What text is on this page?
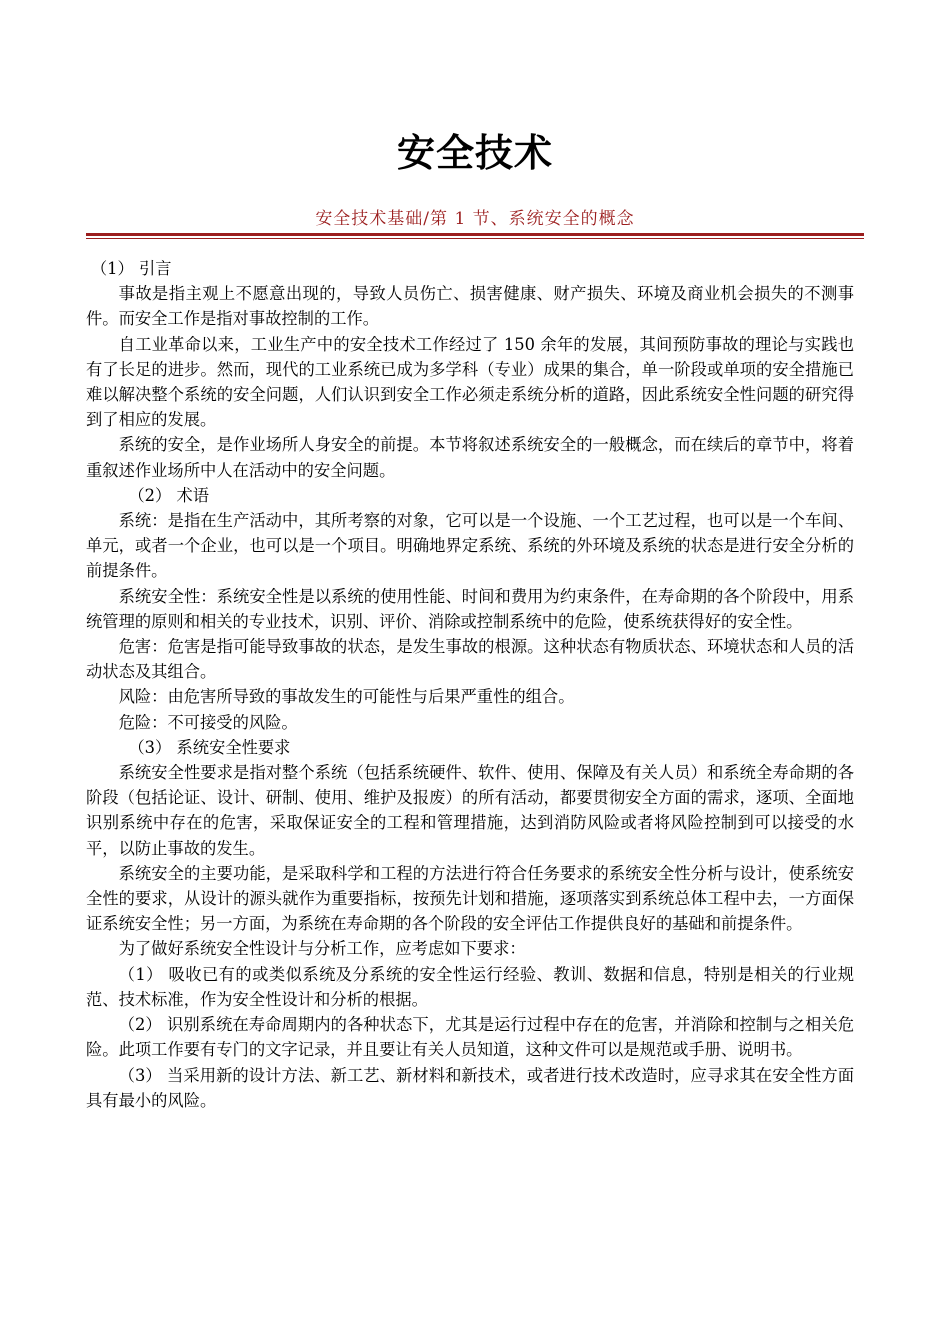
安全技术
安全技术基础/第 1 节、系统安全的概念

（1） 引言

事故是指主观上不愿意出现的，导致人员伤亡、损害健康、财产损失、环境及商业机会损失的不测事件。而安全工作是指对事故控制的工作。

自工业革命以来，工业生产中的安全技术工作经过了 150 余年的发展，其间预防事故的理论与实践也有了长足的进步。然而，现代的工业系统已成为多学科（专业）成果的集合，单一阶段或单项的安全措施已难以解决整个系统的安全问题，人们认识到安全工作必须走系统分析的道路，因此系统安全性问题的研究得到了相应的发展。

系统的安全，是作业场所人身安全的前提。本节将叙述系统安全的一般概念，而在续后的章节中，将着重叙述作业场所中人在活动中的安全问题。

（2） 术语

系统：是指在生产活动中，其所考察的对象，它可以是一个设施、一个工艺过程，也可以是一个车间、单元，或者一个企业，也可以是一个项目。明确地界定系统、系统的外环境及系统的状态是进行安全分析的前提条件。

系统安全性：系统安全性是以系统的使用性能、时间和费用为约束条件，在寿命期的各个阶段中，用系统管理的原则和相关的专业技术，识别、评价、消除或控制系统中的危险，使系统获得好的安全性。

危害：危害是指可能导致事故的状态，是发生事故的根源。这种状态有物质状态、环境状态和人员的活动状态及其组合。

风险：由危害所导致的事故发生的可能性与后果严重性的组合。

危险：不可接受的风险。

（3） 系统安全性要求

系统安全性要求是指对整个系统（包括系统硬件、软件、使用、保障及有关人员）和系统全寿命期的各阶段（包括论证、设计、研制、使用、维护及报废）的所有活动，都要贯彻安全方面的需求，逐项、全面地识别系统中存在的危害，采取保证安全的工程和管理措施，达到消防风险或者将风险控制到可以接受的水平，以防止事故的发生。

系统安全的主要功能，是采取科学和工程的方法进行符合任务要求的系统安全性分析与设计，使系统安全性的要求，从设计的源头就作为重要指标，按预先计划和措施，逐项落实到系统总体工程中去，一方面保证系统安全性；另一方面，为系统在寿命期的各个阶段的安全评估工作提供良好的基础和前提条件。

为了做好系统安全性设计与分析工作，应考虑如下要求：

（1） 吸收已有的或类似系统及分系统的安全性运行经验、教训、数据和信息，特别是相关的行业规范、技术标准，作为安全性设计和分析的根据。

（2） 识别系统在寿命周期内的各种状态下，尤其是运行过程中存在的危害，并消除和控制与之相关危险。此项工作要有专门的文字记录，并且要让有关人员知道，这种文件可以是规范或手册、说明书。

（3） 当采用新的设计方法、新工艺、新材料和新技术，或者进行技术改造时，应寻求其在安全性方面具有最小的风险。
